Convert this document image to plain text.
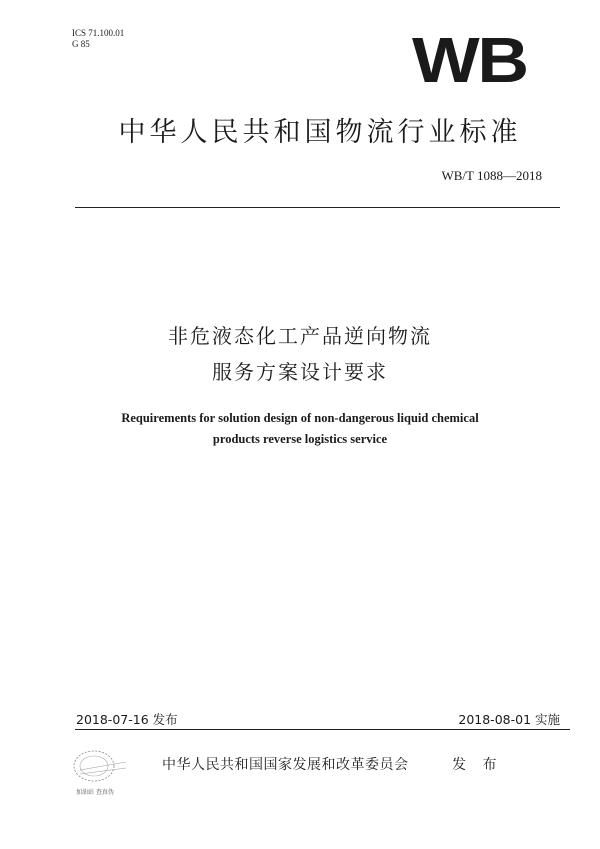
ICS 71.100.01
G 85	WB
中华人民共和国物流行业标准
WB/T 1088—2018
非危液态化工产品逆向物流
服务方案设计要求
Requirements for solution design of non-dangerous liquid chemical
products reverse logistics service
2018-07-16 发布	2018-08-01 实施
加油站 查真伪
中华人民共和国国家发展和改革委员会	发 布
